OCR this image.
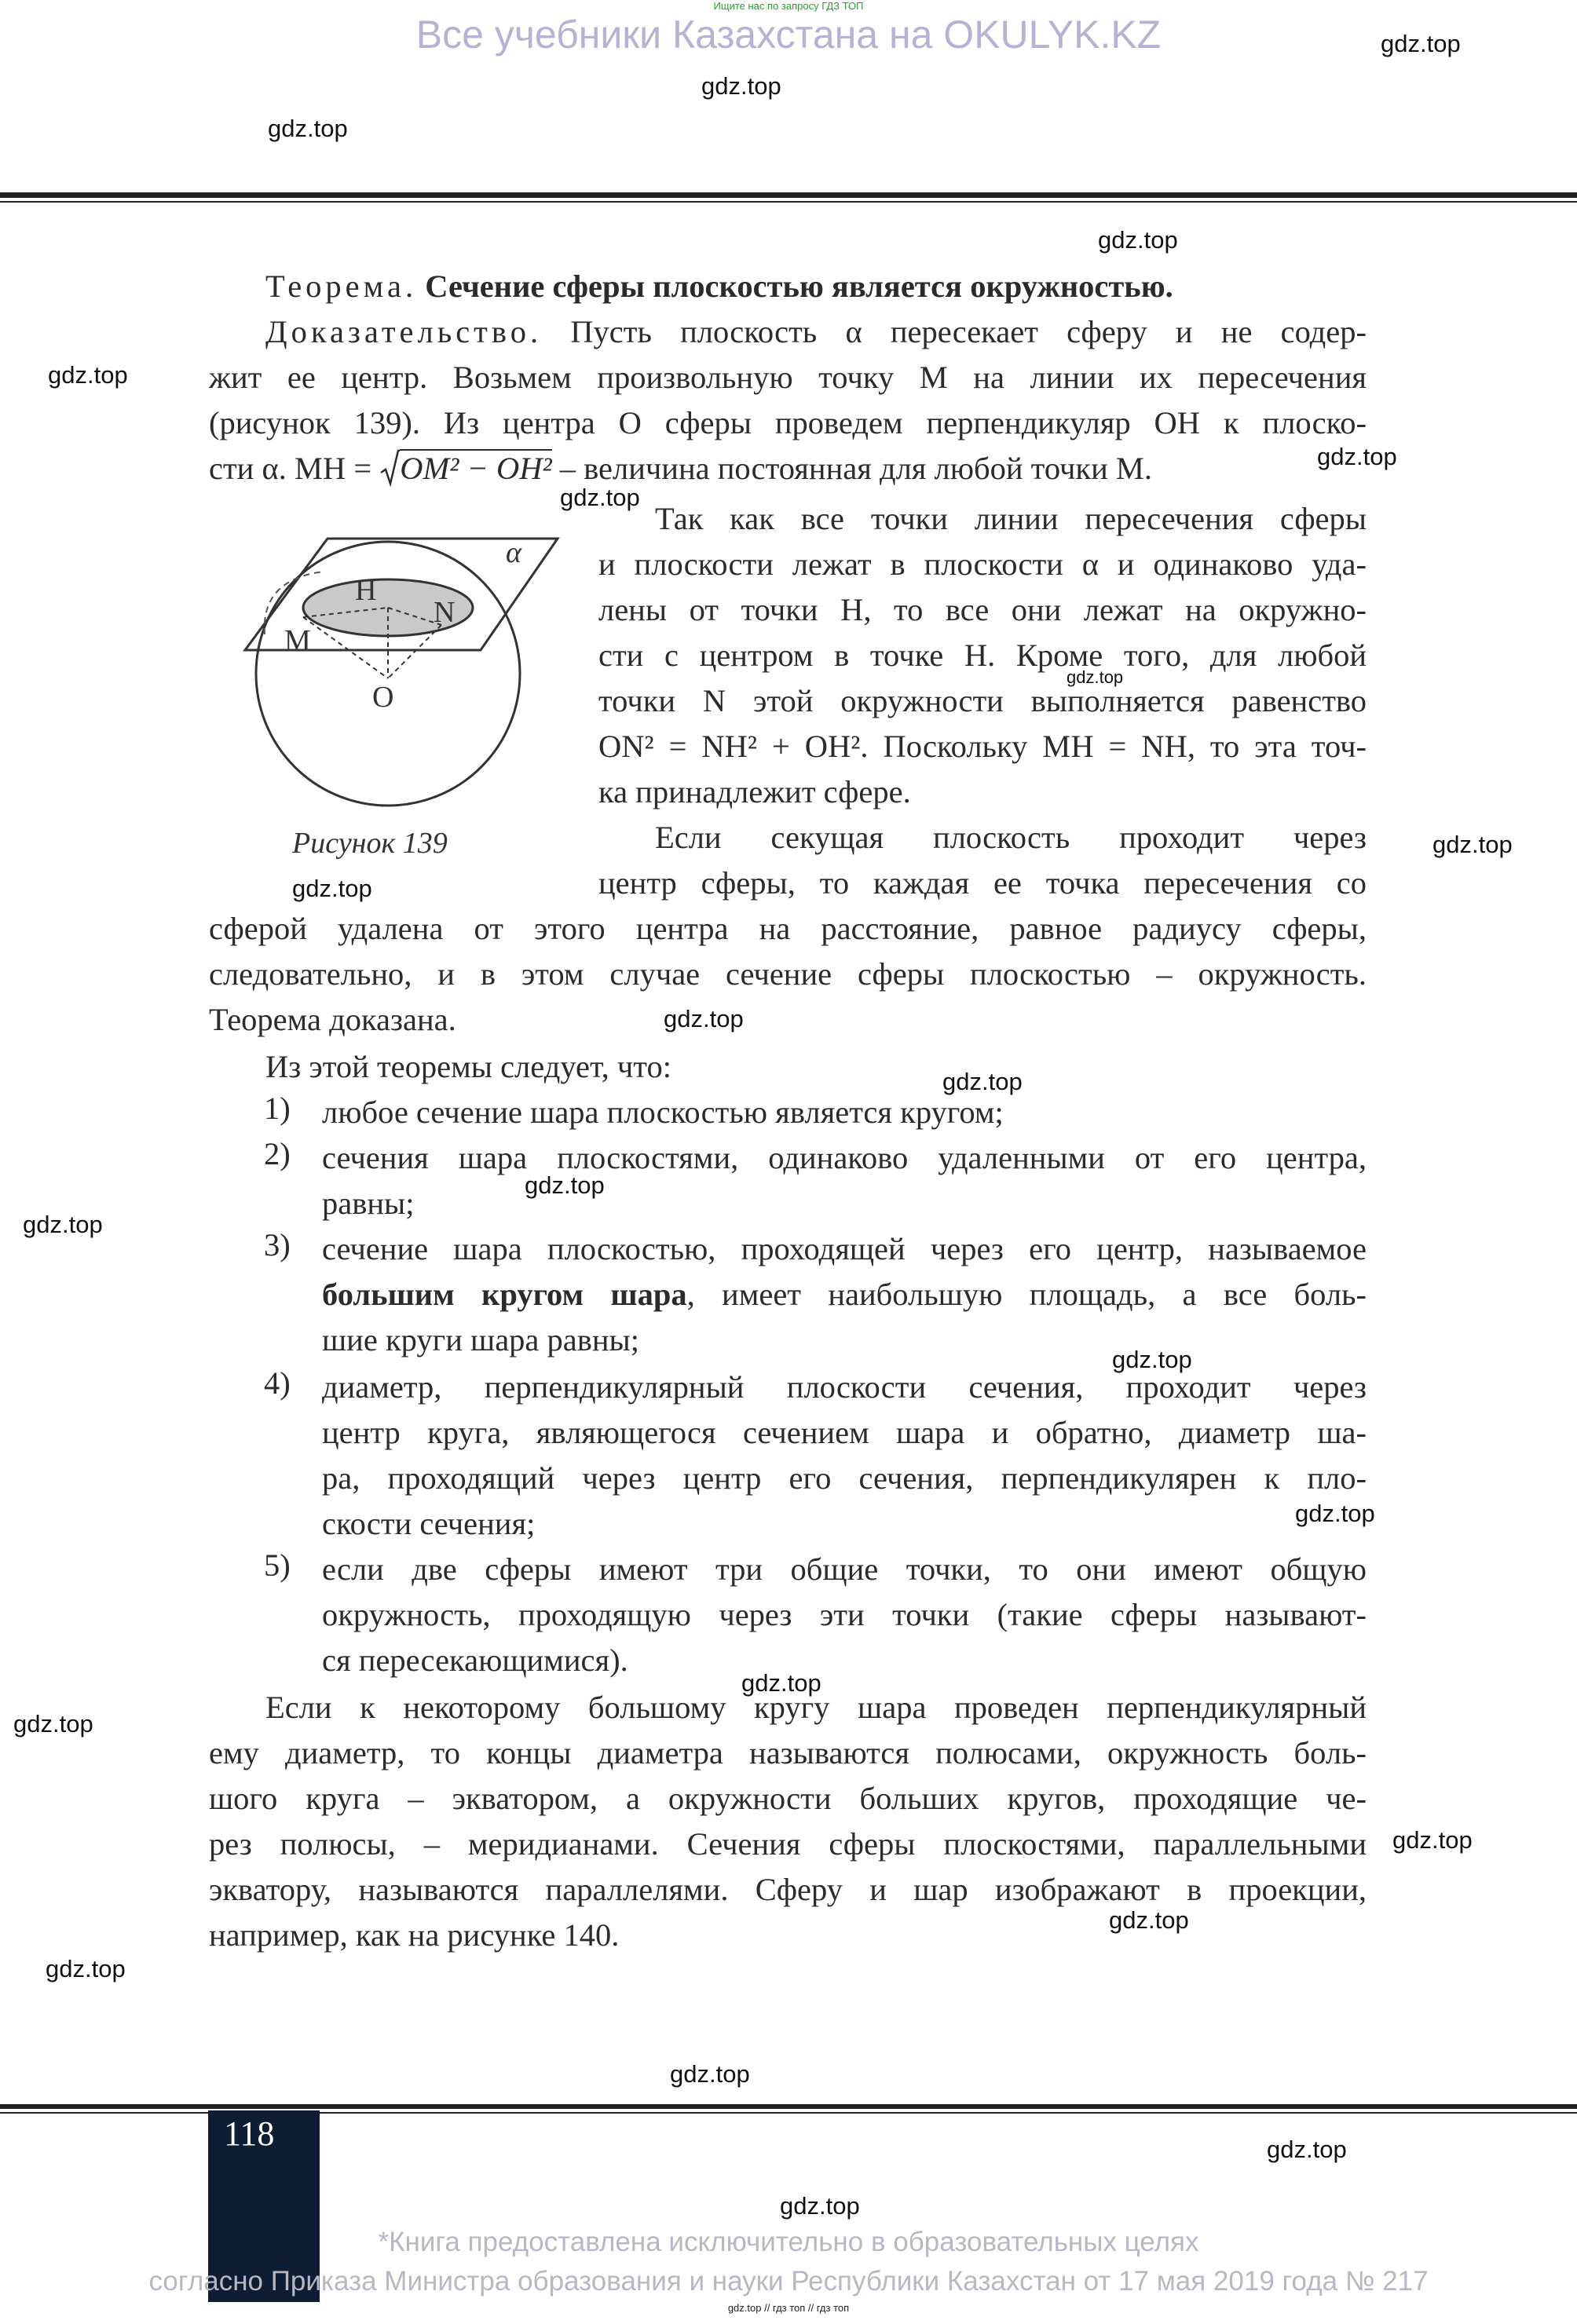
Ищите нас по запросу ГДЗ ТОП
Все учебники Казахстана на OKULYK.KZ
Теорема. Сечение сферы плоскостью является окружностью.
Доказательство. Пусть плоскость α пересекает сферу и не содер-
жит ее центр. Возьмем произвольную точку M на линии их пересечения
(рисунок 139). Из центра O сферы проведем перпендикуляр OH к плоско-
сти α. MH = OM² − OH² – величина постоянная для любой точки M.
α
H
N
M
O
Рисунок 139
Так как все точки линии пересечения сферы
и плоскости лежат в плоскости α и одинаково уда-
лены от точки H, то все они лежат на окружно-
сти с центром в точке H. Кроме того, для любой
точки N этой окружности выполняется равенство
ON² = NH² + OH². Поскольку MH = NH, то эта точ-
ка принадлежит сфере.
Если секущая плоскость проходит через
центр сферы, то каждая ее точка пересечения со
сферой удалена от этого центра на расстояние, равное радиусу сферы,
следовательно, и в этом случае сечение сферы плоскостью – окружность.
Теорема доказана.
Из этой теоремы следует, что:
1) любое сечение шара плоскостью является кругом;
2) сечения шара плоскостями, одинаково удаленными от его центра,
равны;
3) сечение шара плоскостью, проходящей через его центр, называемое
большим кругом шара, имеет наибольшую площадь, а все боль-
шие круги шара равны;
4) диаметр, перпендикулярный плоскости сечения, проходит через
центр круга, являющегося сечением шара и обратно, диаметр ша-
ра, проходящий через центр его сечения, перпендикулярен к пло-
скости сечения;
5) если две сферы имеют три общие точки, то они имеют общую
окружность, проходящую через эти точки (такие сферы называют-
ся пересекающимися).
Если к некоторому большому кругу шара проведен перпендикулярный
ему диаметр, то концы диаметра называются полюсами, окружность боль-
шого круга – экватором, а окружности больших кругов, проходящие че-
рез полюсы, – меридианами. Сечения сферы плоскостями, параллельными
экватору, называются параллелями. Сферу и шар изображают в проекции,
например, как на рисунке 140.
118
*Книга предоставлена исключительно в образовательных целях
согласно Приказа Министра образования и науки Республики Казахстан от 17 мая 2019 года № 217
gdz.top // гдз топ // гдз топ
gdz.top
gdz.top
gdz.top
gdz.top
gdz.top
gdz.top
gdz.top
gdz.top
gdz.top
gdz.top
gdz.top
gdz.top
gdz.top
gdz.top
gdz.top
gdz.top
gdz.top
gdz.top
gdz.top
gdz.top
gdz.top
gdz.top
gdz.top
gdz.top
